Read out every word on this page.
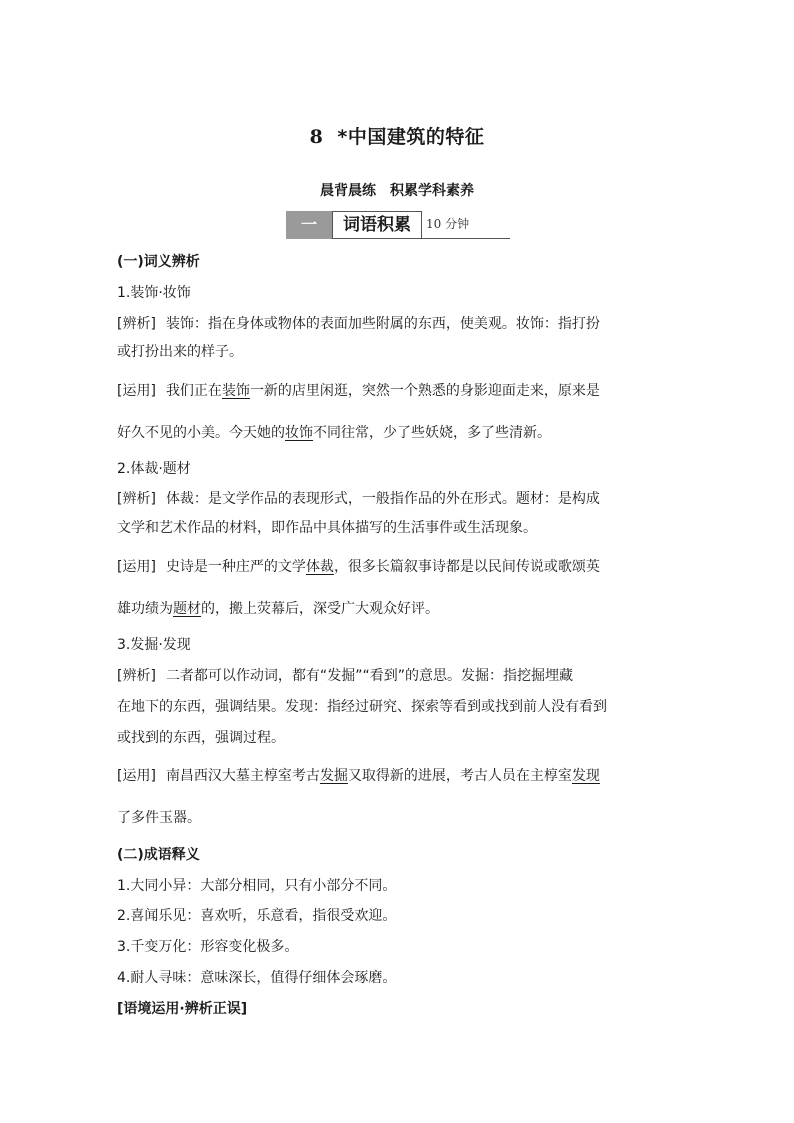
8 *中国建筑的特征
晨背晨练 积累学科素养
一	词语积累	10 分钟
(一)词义辨析
1.装饰·妆饰
[辨析] 装饰：指在身体或物体的表面加些附属的东西，使美观。妆饰：指打扮
或打扮出来的样子。
[运用] 我们正在装饰一新的店里闲逛，突然一个熟悉的身影迎面走来，原来是
好久不见的小美。今天她的妆饰不同往常，少了些妖娆，多了些清新。
2.体裁·题材
[辨析] 体裁：是文学作品的表现形式，一般指作品的外在形式。题材：是构成
文学和艺术作品的材料，即作品中具体描写的生活事件或生活现象。
[运用] 史诗是一种庄严的文学体裁，很多长篇叙事诗都是以民间传说或歌颂英
雄功绩为题材的，搬上荧幕后，深受广大观众好评。
3.发掘·发现
[辨析] 二者都可以作动词，都有“发掘”“看到”的意思。发掘：指挖掘埋藏
在地下的东西，强调结果。发现：指经过研究、探索等看到或找到前人没有看到
或找到的东西，强调过程。
[运用] 南昌西汉大墓主椁室考古发掘又取得新的进展，考古人员在主椁室发现
了多件玉器。
(二)成语释义
1.大同小异：大部分相同，只有小部分不同。
2.喜闻乐见：喜欢听，乐意看，指很受欢迎。
3.千变万化：形容变化极多。
4.耐人寻味：意味深长，值得仔细体会琢磨。
[语境运用·辨析正误]
